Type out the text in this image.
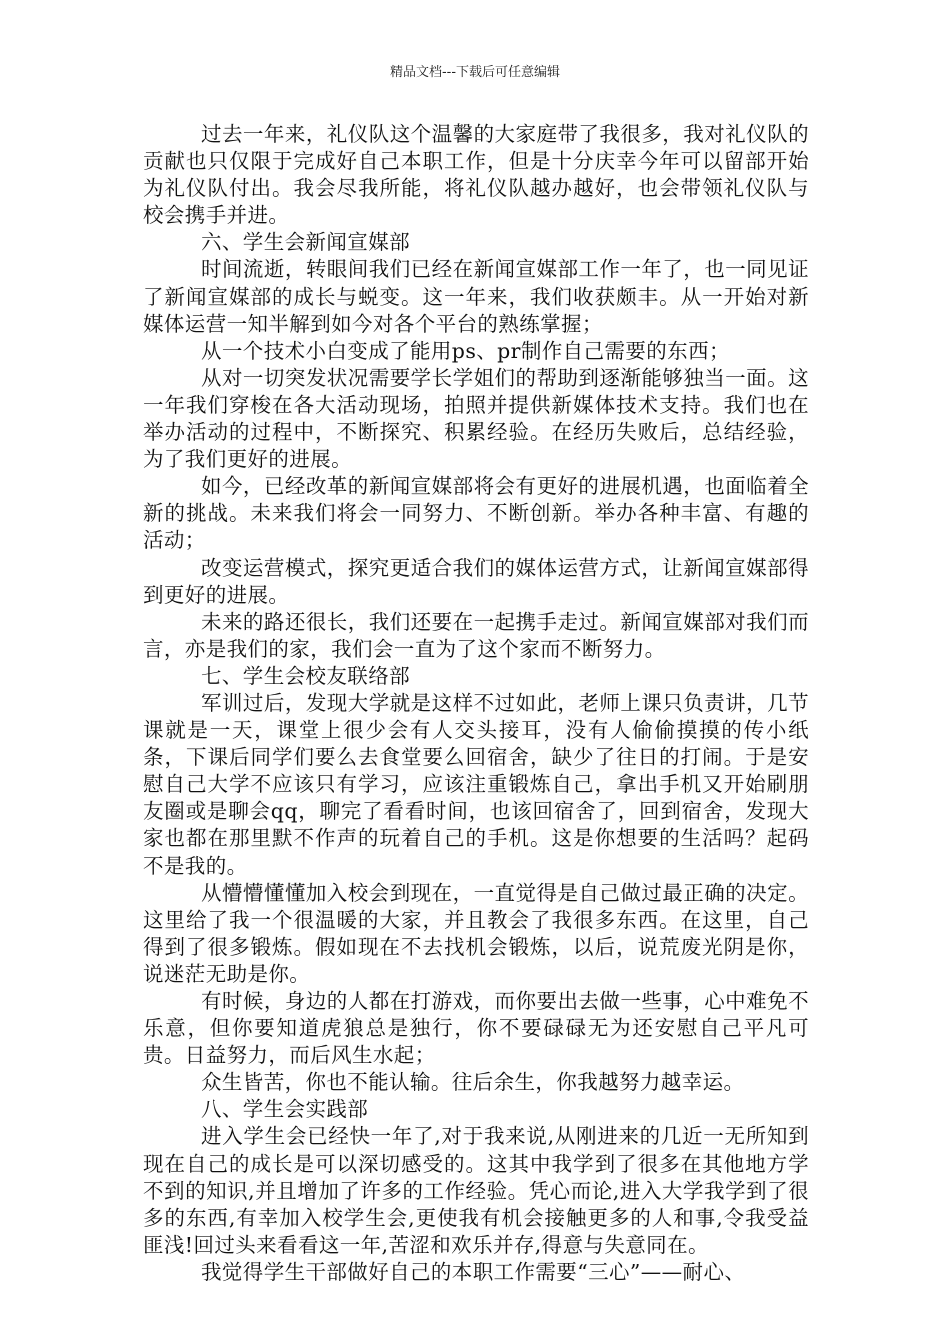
精品文档---下载后可任意编辑

过去一年来，礼仪队这个温馨的大家庭带了我很多，我对礼仪队的贡献也只仅限于完成好自己本职工作，但是十分庆幸今年可以留部开始为礼仪队付出。我会尽我所能，将礼仪队越办越好，也会带领礼仪队与校会携手并进。

六、学生会新闻宣媒部

时间流逝，转眼间我们已经在新闻宣媒部工作一年了，也一同见证了新闻宣媒部的成长与蜕变。这一年来，我们收获颇丰。从一开始对新媒体运营一知半解到如今对各个平台的熟练掌握；

从一个技术小白变成了能用ps、pr制作自己需要的东西；

从对一切突发状况需要学长学姐们的帮助到逐渐能够独当一面。这一年我们穿梭在各大活动现场，拍照并提供新媒体技术支持。我们也在举办活动的过程中，不断探究、积累经验。在经历失败后，总结经验，为了我们更好的进展。

如今，已经改革的新闻宣媒部将会有更好的进展机遇，也面临着全新的挑战。未来我们将会一同努力、不断创新。举办各种丰富、有趣的活动；

改变运营模式，探究更适合我们的媒体运营方式，让新闻宣媒部得到更好的进展。

未来的路还很长，我们还要在一起携手走过。新闻宣媒部对我们而言，亦是我们的家，我们会一直为了这个家而不断努力。

七、学生会校友联络部

军训过后，发现大学就是这样不过如此，老师上课只负责讲，几节课就是一天，课堂上很少会有人交头接耳，没有人偷偷摸摸的传小纸条，下课后同学们要么去食堂要么回宿舍，缺少了往日的打闹。于是安慰自己大学不应该只有学习，应该注重锻炼自己，拿出手机又开始刷朋友圈或是聊会qq，聊完了看看时间，也该回宿舍了，回到宿舍，发现大家也都在那里默不作声的玩着自己的手机。这是你想要的生活吗？起码不是我的。

从懵懵懂懂加入校会到现在，一直觉得是自己做过最正确的决定。这里给了我一个很温暖的大家，并且教会了我很多东西。在这里，自己得到了很多锻炼。假如现在不去找机会锻炼，以后，说荒废光阴是你，说迷茫无助是你。

有时候，身边的人都在打游戏，而你要出去做一些事，心中难免不乐意，但你要知道虎狼总是独行，你不要碌碌无为还安慰自己平凡可贵。日益努力，而后风生水起；

众生皆苦，你也不能认输。往后余生，你我越努力越幸运。

八、学生会实践部

进入学生会已经快一年了,对于我来说,从刚进来的几近一无所知到现在自己的成长是可以深切感受的。这其中我学到了很多在其他地方学不到的知识,并且增加了许多的工作经验。凭心而论,进入大学我学到了很多的东西,有幸加入校学生会,更使我有机会接触更多的人和事,令我受益匪浅!回过头来看看这一年,苦涩和欢乐并存,得意与失意同在。

我觉得学生干部做好自己的本职工作需要“三心”——耐心、
